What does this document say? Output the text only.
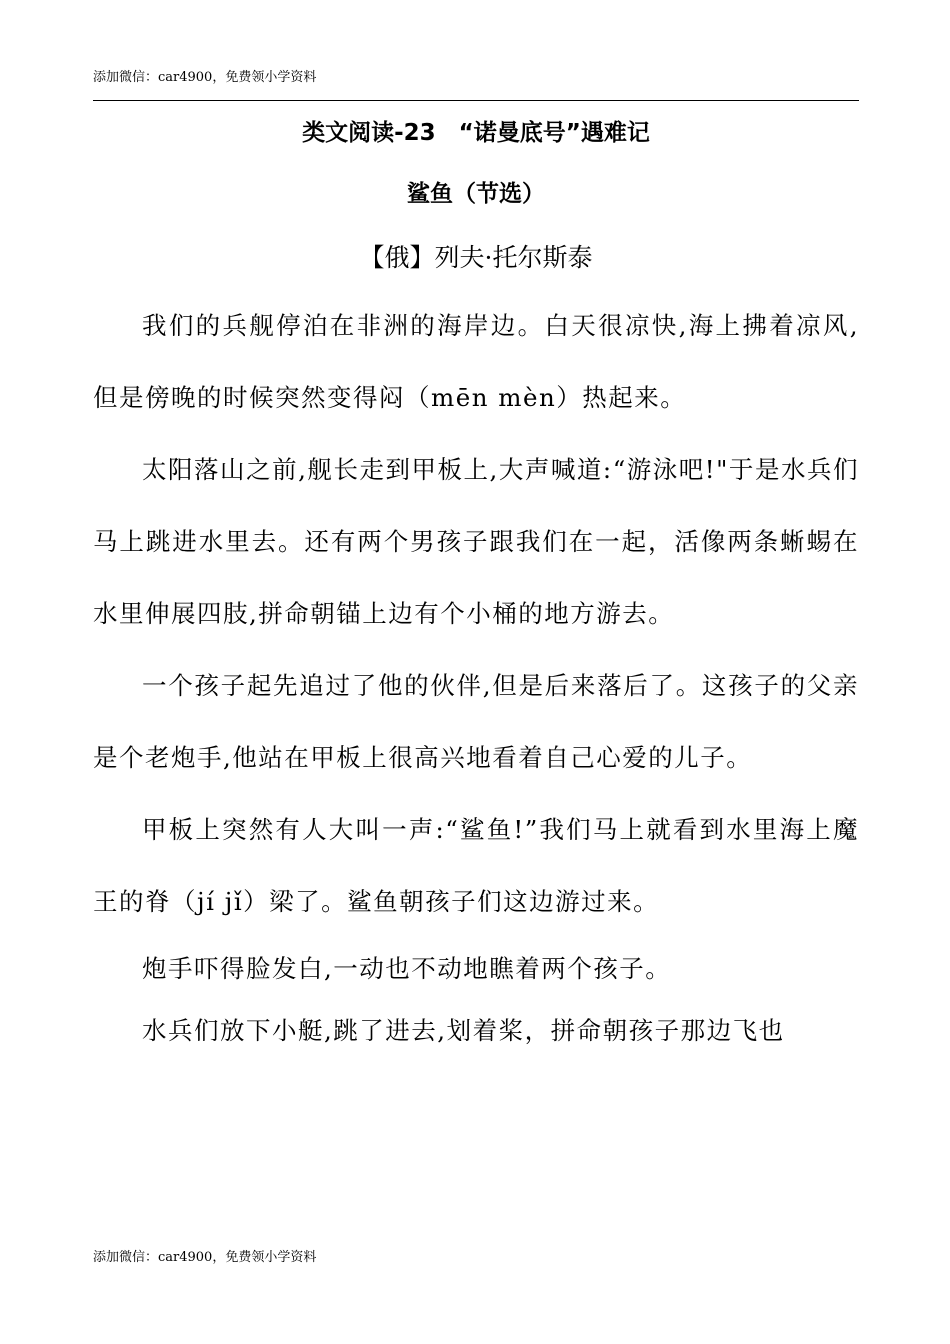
添加微信：car4900，免费领小学资料
类文阅读-23　“诺曼底号”遇难记
鲨鱼（节选）
【俄】列夫·托尔斯泰

我们的兵舰停泊在非洲的海岸边。白天很凉快,海上拂着凉风,但是傍晚的时候突然变得闷（mēn mèn）热起来。

太阳落山之前,舰长走到甲板上,大声喊道:“游泳吧!"于是水兵们马上跳进水里去。还有两个男孩子跟我们在一起，活像两条蜥蜴在水里伸展四肢,拼命朝锚上边有个小桶的地方游去。

一个孩子起先追过了他的伙伴,但是后来落后了。这孩子的父亲是个老炮手,他站在甲板上很高兴地看着自己心爱的儿子。

甲板上突然有人大叫一声:“鲨鱼!”我们马上就看到水里海上魔王的脊（jí jǐ）梁了。鲨鱼朝孩子们这边游过来。

炮手吓得脸发白,一动也不动地瞧着两个孩子。

水兵们放下小艇,跳了进去,划着桨，拼命朝孩子那边飞也

添加微信：car4900，免费领小学资料
